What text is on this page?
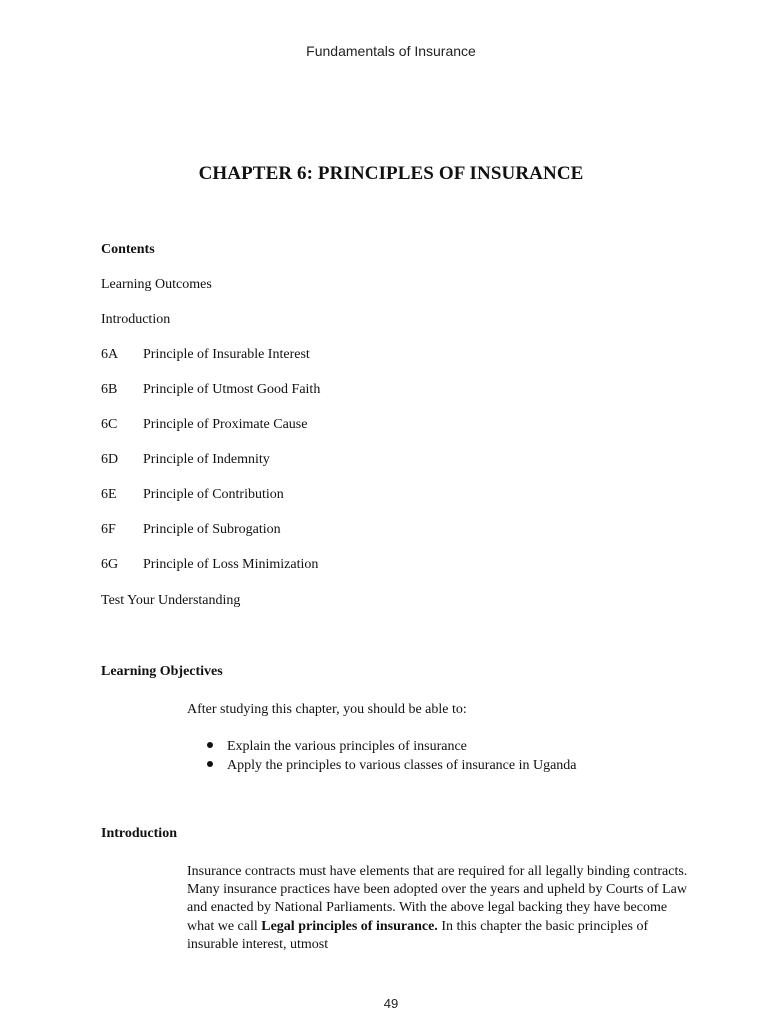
Fundamentals of Insurance
CHAPTER 6: PRINCIPLES OF INSURANCE
Contents
Learning Outcomes
Introduction
6A Principle of Insurable Interest
6B Principle of Utmost Good Faith
6C Principle of Proximate Cause
6D Principle of Indemnity
6E Principle of Contribution
6F Principle of Subrogation
6G Principle of Loss Minimization
Test Your Understanding
Learning Objectives
After studying this chapter, you should be able to:
Explain the various principles of insurance
Apply the principles to various classes of insurance in Uganda
Introduction

Insurance contracts must have elements that are required for all legally binding contracts. Many insurance practices have been adopted over the years and upheld by Courts of Law and enacted by National Parliaments. With the above legal backing they have become what we call Legal principles of insurance. In this chapter the basic principles of insurable interest, utmost

49
